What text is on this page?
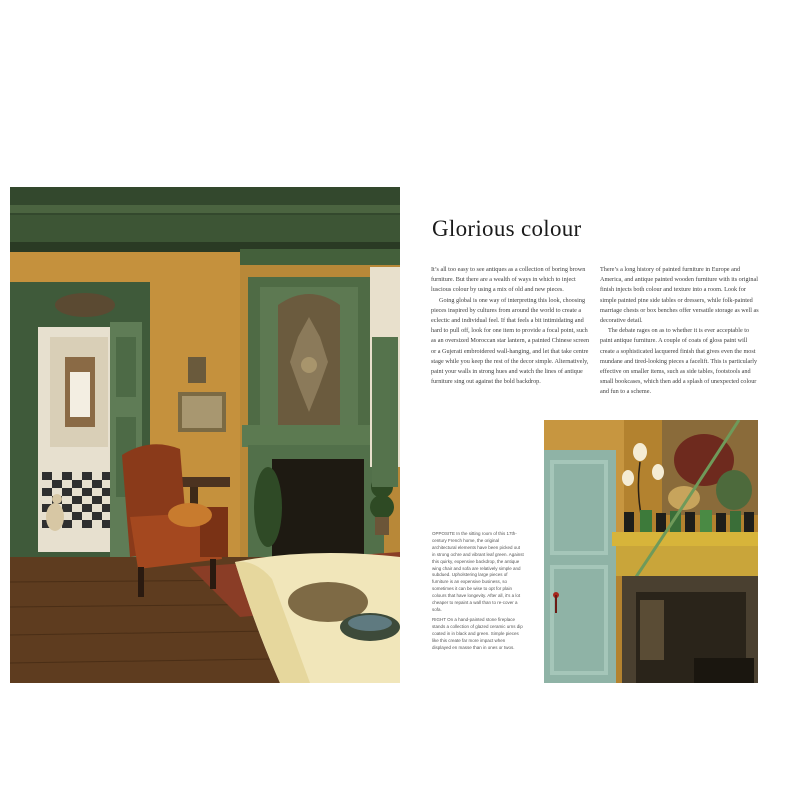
Glorious colour

It’s all too easy to see antiques as a collection of boring brown furniture. But there are a wealth of ways in which to inject luscious colour by using a mix of old and new pieces.

Going global is one way of interpreting this look, choosing pieces inspired by cultures from around the world to create a eclectic and individual feel. If that feels a bit intimidating and hard to pull off, look for one item to provide a focal point, such as an oversized Moroccan star lantern, a painted Chinese screen or a Gujerati embroidered wall-hanging, and let that take centre stage while you keep the rest of the decor simple. Alternatively, paint your walls in strong hues and watch the lines of antique furniture sing out against the bold backdrop.

There’s a long history of painted furniture in Europe and America, and antique painted wooden furniture with its original finish injects both colour and texture into a room. Look for simple painted pine side tables or dressers, while folk-painted marriage chests or box benches offer versatile storage as well as decorative detail.

The debate rages on as to whether it is ever acceptable to paint antique furniture. A couple of coats of gloss paint will create a sophisticated lacquered finish that gives even the most mundane and tired-looking pieces a facelift. This is particularly effective on smaller items, such as side tables, footstools and small bookcases, which then add a splash of unexpected colour and fun to a scheme.

OPPOSITE In the sitting room of this 17th-century French home, the original architectural elements have been picked out in strong ochre and vibrant leaf green. Against this quirky, expensive backdrop, the antique wing chair and sofa are relatively simple and subdued. Upholstering large pieces of furniture is an expensive business, so sometimes it can be wise to opt for plain colours that have longevity. After all, it’s a lot cheaper to repaint a wall than to re-cover a sofa.

RIGHT On a hand-painted stone fireplace stands a collection of glazed ceramic urns dip coated in in black and green. Simple pieces like this create far more impact when displayed en masse than in ones or twos.
